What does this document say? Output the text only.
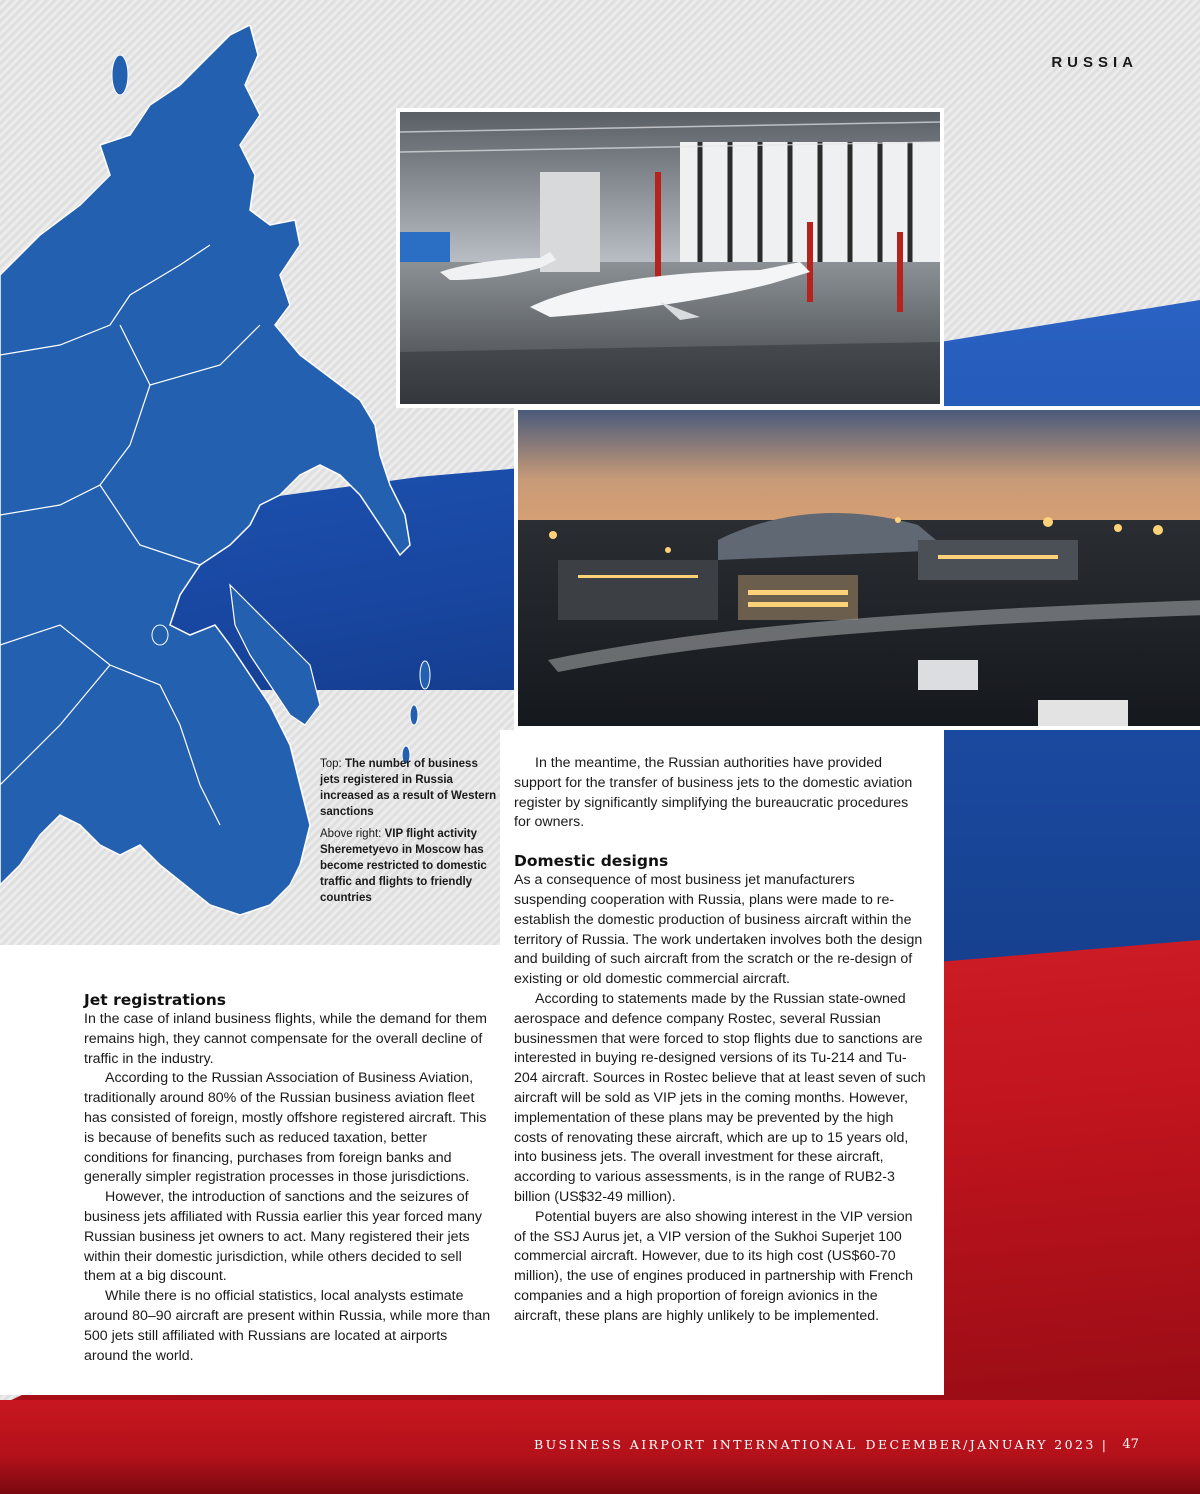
RUSSIA

Top: The number of business jets registered in Russia increased as a result of Western sanctions

Above right: VIP flight activity Sheremetyevo in Moscow has become restricted to domestic traffic and flights to friendly countries

Jet registrations

In the case of inland business flights, while the demand for them remains high, they cannot compensate for the overall decline of traffic in the industry.

According to the Russian Association of Business Aviation, traditionally around 80% of the Russian business aviation fleet has consisted of foreign, mostly offshore registered aircraft. This is because of benefits such as reduced taxation, better conditions for financing, purchases from foreign banks and generally simpler registration processes in those jurisdictions.

However, the introduction of sanctions and the seizures of business jets affiliated with Russia earlier this year forced many Russian business jet owners to act. Many registered their jets within their domestic jurisdiction, while others decided to sell them at a big discount.

While there is no official statistics, local analysts estimate around 80–90 aircraft are present within Russia, while more than 500 jets still affiliated with Russians are located at airports around the world.

In the meantime, the Russian authorities have provided support for the transfer of business jets to the domestic aviation register by significantly simplifying the bureaucratic procedures for owners.

Domestic designs

As a consequence of most business jet manufacturers suspending cooperation with Russia, plans were made to re-establish the domestic production of business aircraft within the territory of Russia. The work undertaken involves both the design and building of such aircraft from the scratch or the re-design of existing or old domestic commercial aircraft.

According to statements made by the Russian state-owned aerospace and defence company Rostec, several Russian businessmen that were forced to stop flights due to sanctions are interested in buying re-designed versions of its Tu-214 and Tu-204 aircraft. Sources in Rostec believe that at least seven of such aircraft will be sold as VIP jets in the coming months. However, implementation of these plans may be prevented by the high costs of renovating these aircraft, which are up to 15 years old, into business jets. The overall investment for these aircraft, according to various assessments, is in the range of RUB2-3 billion (US$32-49 million).

Potential buyers are also showing interest in the VIP version of the SSJ Aurus jet, a VIP version of the Sukhoi Superjet 100 commercial aircraft. However, due to its high cost (US$60-70 million), the use of engines produced in partnership with French companies and a high proportion of foreign avionics in the aircraft, these plans are highly unlikely to be implemented.

BUSINESS AIRPORT INTERNATIONAL DECEMBER/JANUARY 2023 | 47
